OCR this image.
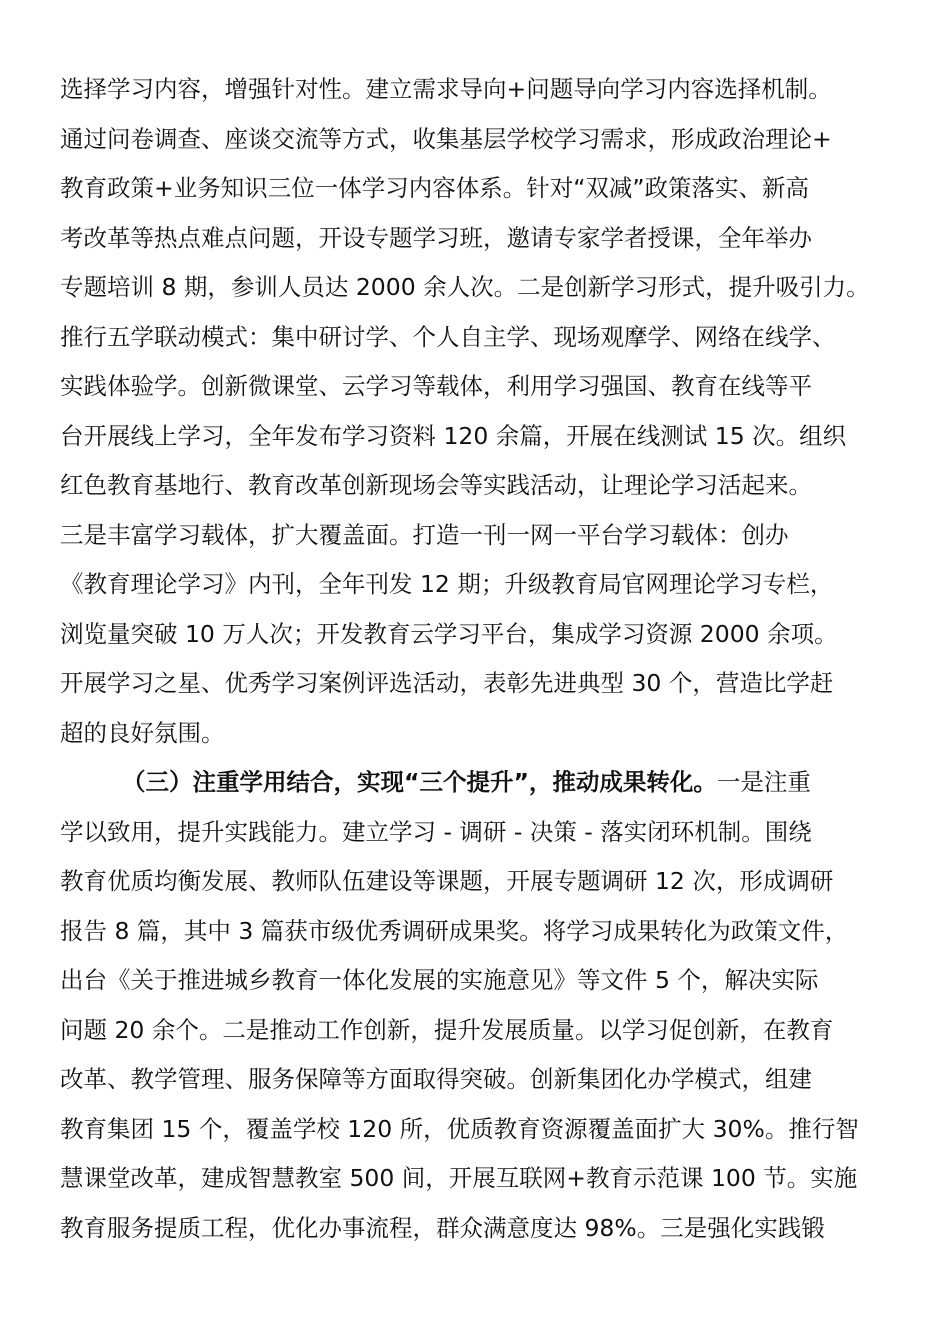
选择学习内容，增强针对性。建立需求导向+问题导向学习内容选择机制。
通过问卷调查、座谈交流等方式，收集基层学校学习需求，形成政治理论+
教育政策+业务知识三位一体学习内容体系。针对“双减”政策落实、新高
考改革等热点难点问题，开设专题学习班，邀请专家学者授课，全年举办
专题培训 8 期，参训人员达 2000 余人次。二是创新学习形式，提升吸引力。
推行五学联动模式：集中研讨学、个人自主学、现场观摩学、网络在线学、
实践体验学。创新微课堂、云学习等载体，利用学习强国、教育在线等平
台开展线上学习，全年发布学习资料 120 余篇，开展在线测试 15 次。组织
红色教育基地行、教育改革创新现场会等实践活动，让理论学习活起来。
三是丰富学习载体，扩大覆盖面。打造一刊一网一平台学习载体：创办
《教育理论学习》内刊，全年刊发 12 期；升级教育局官网理论学习专栏，
浏览量突破 10 万人次；开发教育云学习平台，集成学习资源 2000 余项。
开展学习之星、优秀学习案例评选活动，表彰先进典型 30 个，营造比学赶
超的良好氛围。
（三）注重学用结合，实现“三个提升”，推动成果转化。一是注重
学以致用，提升实践能力。建立学习 - 调研 - 决策 - 落实闭环机制。围绕
教育优质均衡发展、教师队伍建设等课题，开展专题调研 12 次，形成调研
报告 8 篇，其中 3 篇获市级优秀调研成果奖。将学习成果转化为政策文件，
出台《关于推进城乡教育一体化发展的实施意见》等文件 5 个，解决实际
问题 20 余个。二是推动工作创新，提升发展质量。以学习促创新，在教育
改革、教学管理、服务保障等方面取得突破。创新集团化办学模式，组建
教育集团 15 个，覆盖学校 120 所，优质教育资源覆盖面扩大 30%。推行智
慧课堂改革，建成智慧教室 500 间，开展互联网+教育示范课 100 节。实施
教育服务提质工程，优化办事流程，群众满意度达 98%。三是强化实践锻
